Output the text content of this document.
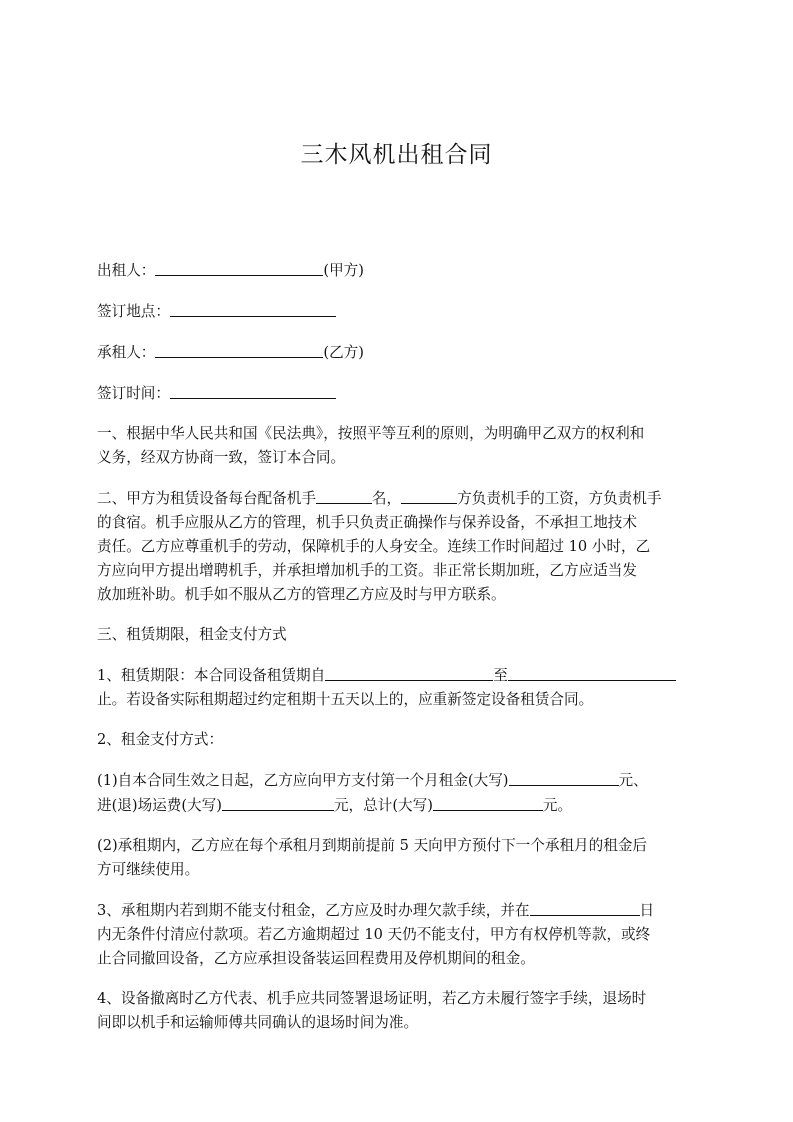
三木风机出租合同

出租人：	(甲方)

签订地点：

承租人：	(乙方)

签订时间：

一、根据中华人民共和国《民法典》，按照平等互利的原则，为明确甲乙双方的权利和

义务，经双方协商一致，签订本合同。

二、甲方为租赁设备每台配备机手	名，	方负责机手的工资，方负责机手

的食宿。机手应服从乙方的管理，机手只负责正确操作与保养设备，不承担工地技术

责任。乙方应尊重机手的劳动，保障机手的人身安全。连续工作时间超过 10 小时，乙

方应向甲方提出增聘机手，并承担增加机手的工资。非正常长期加班，乙方应适当发

放加班补助。机手如不服从乙方的管理乙方应及时与甲方联系。

三、租赁期限，租金支付方式

1、租赁期限：本合同设备租赁期自	至

止。若设备实际租期超过约定租期十五天以上的，应重新签定设备租赁合同。

2、租金支付方式：

(1)自本合同生效之日起，乙方应向甲方支付第一个月租金(大写)	元、

进(退)场运费(大写)	元，总计(大写)	元。

(2)承租期内，乙方应在每个承租月到期前提前 5 天向甲方预付下一个承租月的租金后

方可继续使用。

3、承租期内若到期不能支付租金，乙方应及时办理欠款手续，并在	日

内无条件付清应付款项。若乙方逾期超过 10 天仍不能支付，甲方有权停机等款，或终

止合同撤回设备，乙方应承担设备装运回程费用及停机期间的租金。

4、设备撤离时乙方代表、机手应共同签署退场证明，若乙方未履行签字手续，退场时

间即以机手和运输师傅共同确认的退场时间为准。
